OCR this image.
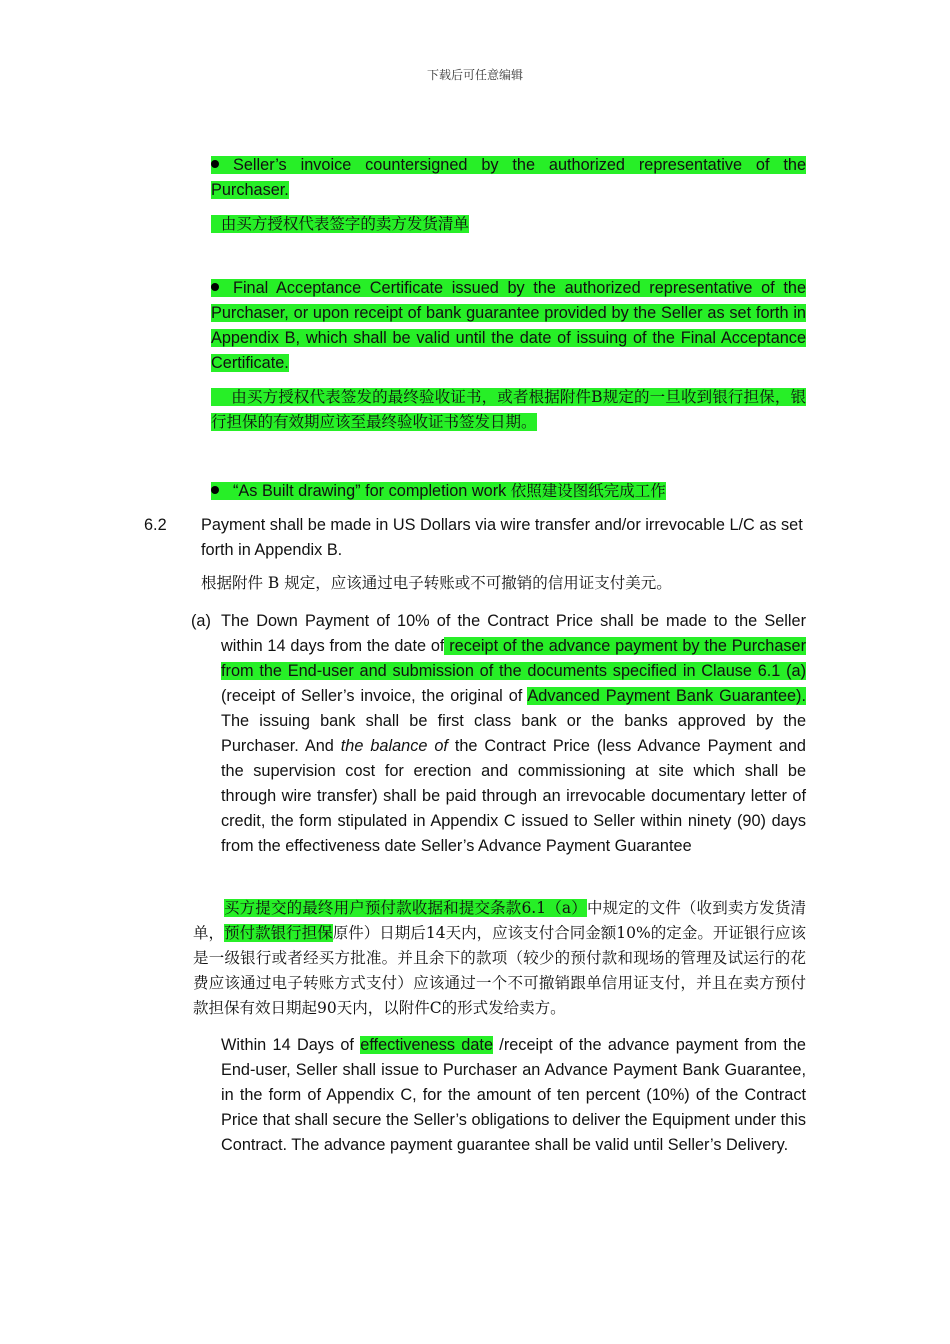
下载后可任意编辑
Seller’s invoice countersigned by the authorized representative of the Purchaser.
由买方授权代表签字的卖方发货清单
Final Acceptance Certificate issued by the authorized representative of the Purchaser, or upon receipt of bank guarantee provided by the Seller as set forth in Appendix B, which shall be valid until the date of issuing of the Final Acceptance Certificate.
由买方授权代表签发的最终验收证书，或者根据附件B规定的一旦收到银行担保，银行担保的有效期应该至最终验收证书签发日期。
“As Built drawing” for completion work 依照建设图纸完成工作
6.2 Payment shall be made in US Dollars via wire transfer and/or irrevocable L/C as set forth in Appendix B.
根据附件 B 规定，应该通过电子转账或不可撤销的信用证支付美元。
(a) The Down Payment of 10% of the Contract Price shall be made to the Seller within 14 days from the date of receipt of the advance payment by the Purchaser from the End-user and submission of the documents specified in Clause 6.1 (a) (receipt of Seller’s invoice, the original of Advanced Payment Bank Guarantee). The issuing bank shall be first class bank or the banks approved by the Purchaser. And the balance of the Contract Price (less Advance Payment and the supervision cost for erection and commissioning at site which shall be through wire transfer) shall be paid through an irrevocable documentary letter of credit, the form stipulated in Appendix C issued to Seller within ninety (90) days from the effectiveness date Seller’s Advance Payment Guarantee
买方提交的最终用户预付款收据和提交条款6.1（a）中规定的文件（收到卖方发货清单，预付款银行担保原件）日期后14天内，应该支付合同金额10%的定金。开证银行应该是一级银行或者经买方批准。并且余下的款项（较少的预付款和现场的管理及试运行的花费应该通过电子转账方式支付）应该通过一个不可撤销跟单信用证支付，并且在卖方预付款担保有效日期起90天内，以附件C的形式发给卖方。
Within 14 Days of effectiveness date /receipt of the advance payment from the End-user, Seller shall issue to Purchaser an Advance Payment Bank Guarantee, in the form of Appendix C, for the amount of ten percent (10%) of the Contract Price that shall secure the Seller’s obligations to deliver the Equipment under this Contract. The advance payment guarantee shall be valid until Seller’s Delivery.
